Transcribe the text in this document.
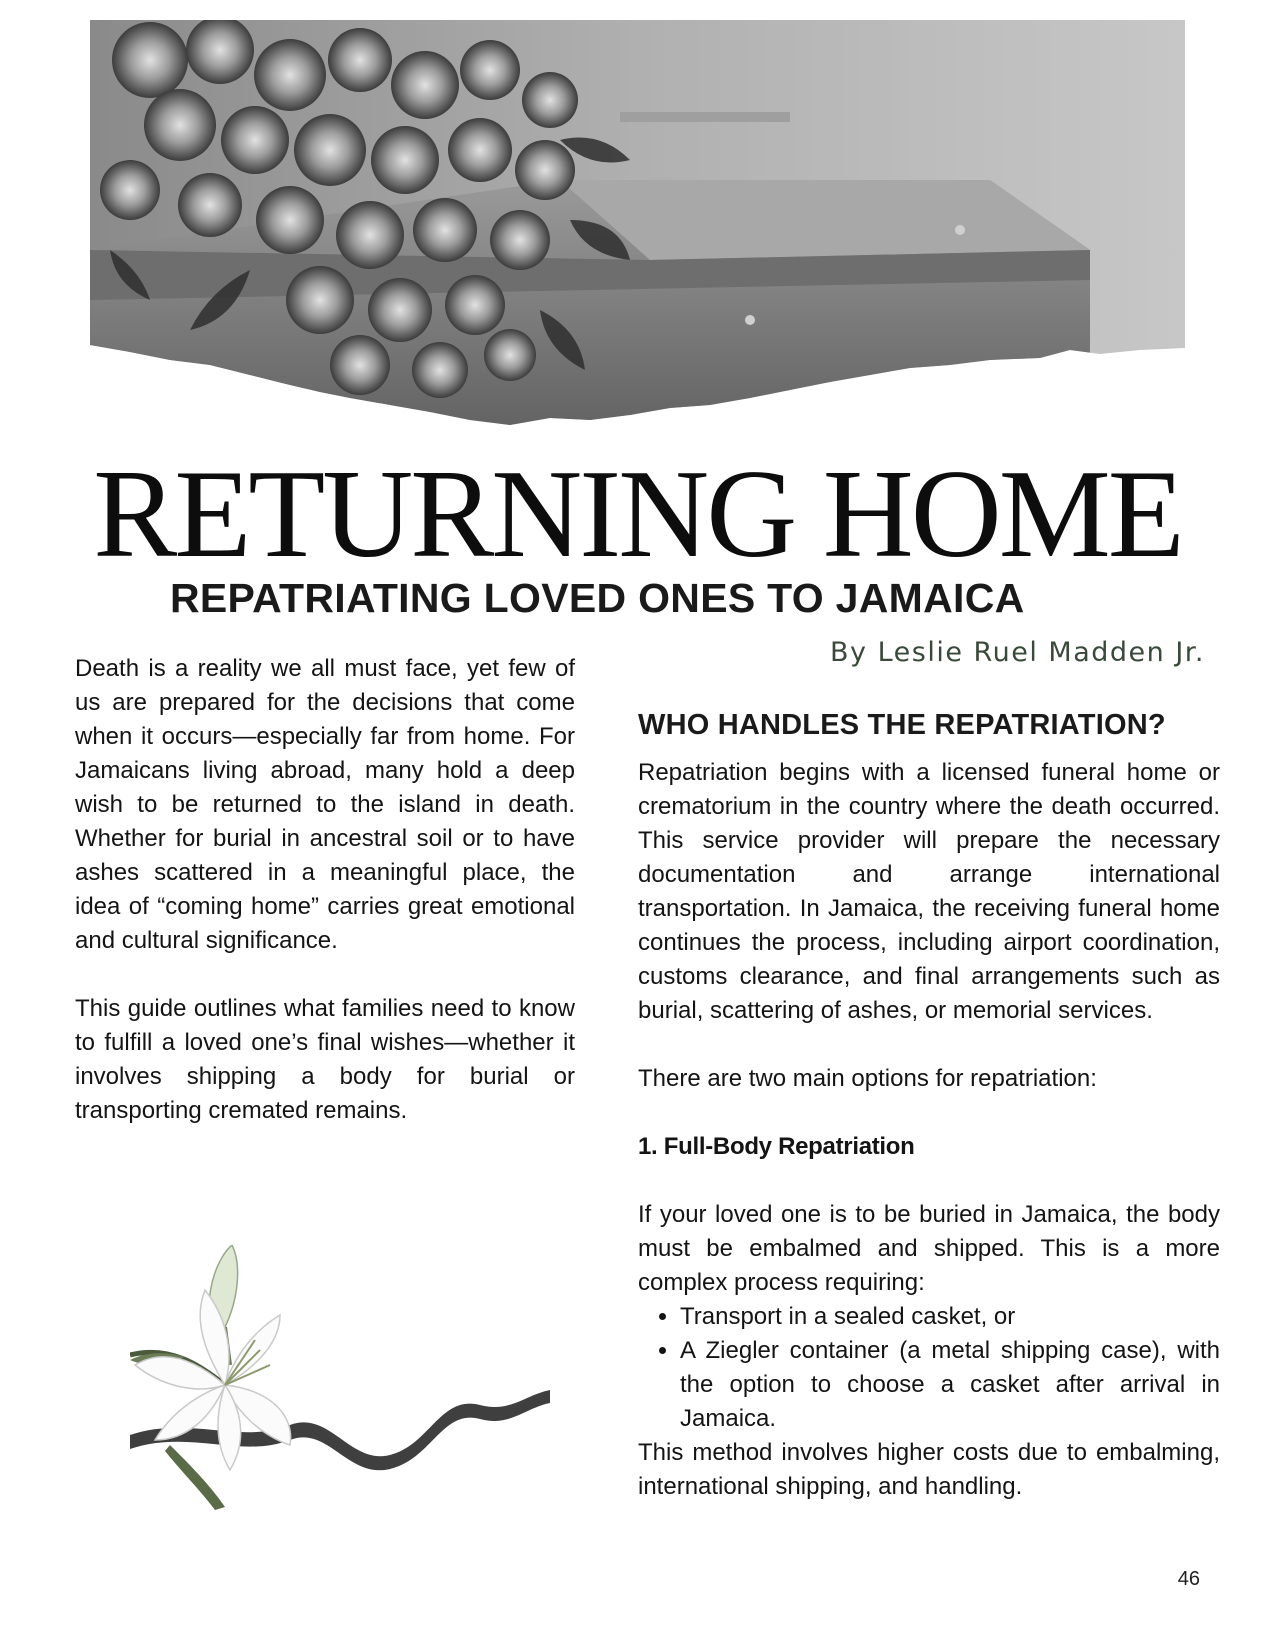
RETURNING HOME
REPATRIATING LOVED ONES TO JAMAICA
By Leslie Ruel Madden Jr.

Death is a reality we all must face, yet few of us are prepared for the decisions that come when it occurs—especially far from home. For Jamaicans living abroad, many hold a deep wish to be returned to the island in death. Whether for burial in ancestral soil or to have ashes scattered in a meaningful place, the idea of “coming home” carries great emotional and cultural significance.

This guide outlines what families need to know to fulfill a loved one’s final wishes—whether it involves shipping a body for burial or transporting cremated remains.

WHO HANDLES THE REPATRIATION?

Repatriation begins with a licensed funeral home or crematorium in the country where the death occurred. This service provider will prepare the necessary documentation and arrange international transportation. In Jamaica, the receiving funeral home continues the process, including airport coordination, customs clearance, and final arrangements such as burial, scattering of ashes, or memorial services.

There are two main options for repatriation:

1. Full-Body Repatriation

If your loved one is to be buried in Jamaica, the body must be embalmed and shipped. This is a more complex process requiring:

• Transport in a sealed casket, or
• A Ziegler container (a metal shipping case), with the option to choose a casket after arrival in Jamaica.

This method involves higher costs due to embalming, international shipping, and handling.

46
